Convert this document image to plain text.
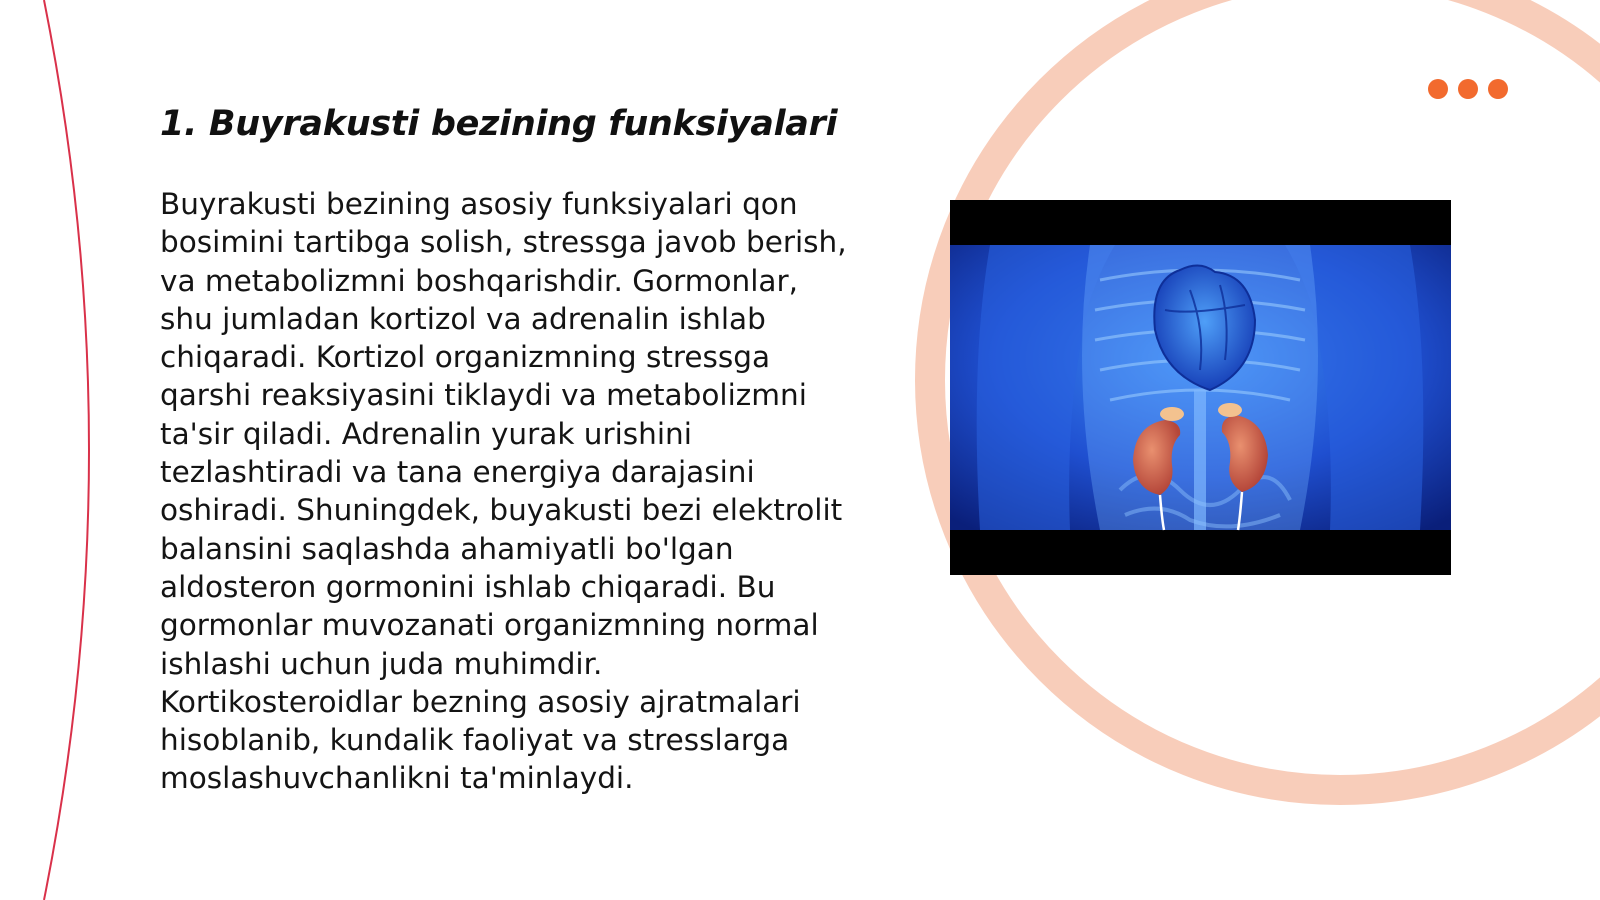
1. Buyrakusti bezining funksiyalari

Buyrakusti bezining asosiy funksiyalari qon bosimini tartibga solish, stressga javob berish, va metabolizmni boshqarishdir. Gormonlar, shu jumladan kortizol va adrenalin ishlab chiqaradi. Kortizol organizmning stressga qarshi reaksiyasini tiklaydi va metabolizmni ta'sir qiladi. Adrenalin yurak urishini tezlashtiradi va tana energiya darajasini oshiradi. Shuningdek, buyakusti bezi elektrolit balansini saqlashda ahamiyatli bo'lgan aldosteron gormonini ishlab chiqaradi. Bu gormonlar muvozanati organizmning normal ishlashi uchun juda muhimdir. Kortikosteroidlar bezning asosiy ajratmalari hisoblanib, kundalik faoliyat va stresslarga moslashuvchanlikni ta'minlaydi.
